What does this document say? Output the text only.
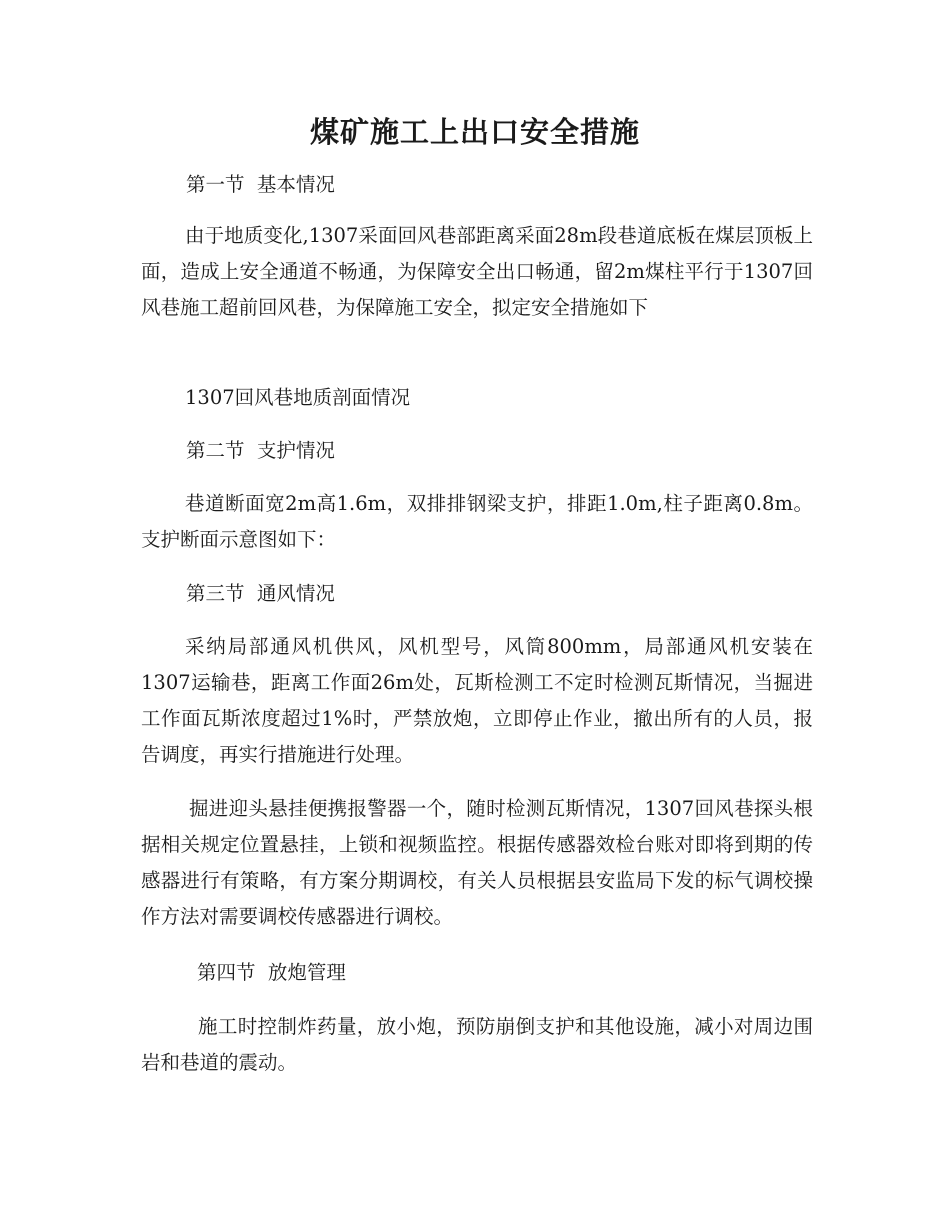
煤矿施工上出口安全措施
第一节  基本情况
由于地质变化,1307采面回风巷部距离采面28m段巷道底板在煤层顶板上面，造成上安全通道不畅通，为保障安全出口畅通，留2m煤柱平行于1307回风巷施工超前回风巷，为保障施工安全，拟定安全措施如下
1307回风巷地质剖面情况
第二节  支护情况
巷道断面宽2m高1.6m，双排排钢梁支护，排距1.0m,柱子距离0.8m。支护断面示意图如下：
第三节  通风情况
采纳局部通风机供风，风机型号，风筒800mm，局部通风机安装在1307运输巷，距离工作面26m处，瓦斯检测工不定时检测瓦斯情况，当掘进工作面瓦斯浓度超过1%时，严禁放炮，立即停止作业，撤出所有的人员，报告调度，再实行措施进行处理。
掘进迎头悬挂便携报警器一个，随时检测瓦斯情况，1307回风巷探头根据相关规定位置悬挂，上锁和视频监控。根据传感器效检台账对即将到期的传感器进行有策略，有方案分期调校，有关人员根据县安监局下发的标气调校操作方法对需要调校传感器进行调校。
第四节  放炮管理
施工时控制炸药量，放小炮，预防崩倒支护和其他设施，减小对周边围岩和巷道的震动。
